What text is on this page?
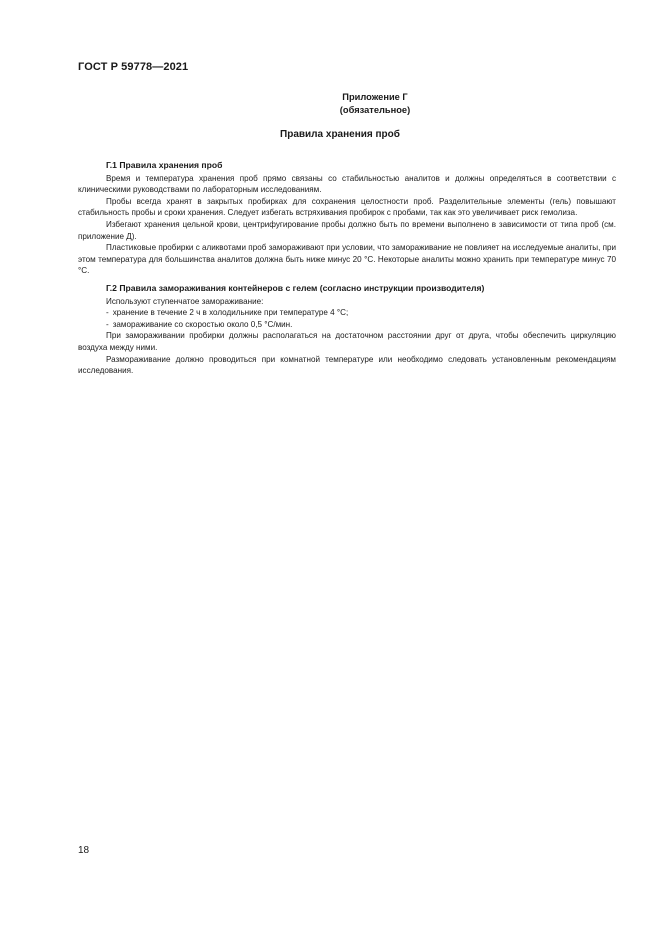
ГОСТ Р 59778—2021
Приложение Г
(обязательное)
Правила хранения проб

Г.1 Правила хранения проб

Время и температура хранения проб прямо связаны со стабильностью аналитов и должны определяться в соответствии с клиническими руководствами по лабораторным исследованиям.

Пробы всегда хранят в закрытых пробирках для сохранения целостности проб. Разделительные элементы (гель) повышают стабильность пробы и сроки хранения. Следует избегать встряхивания пробирок с пробами, так как это увеличивает риск гемолиза.

Избегают хранения цельной крови, центрифугирование пробы должно быть по времени выполнено в зависимости от типа проб (см. приложение Д).

Пластиковые пробирки с аликвотами проб замораживают при условии, что замораживание не повлияет на исследуемые аналиты, при этом температура для большинства аналитов должна быть ниже минус 20 °С. Некоторые аналиты можно хранить при температуре минус 70 °С.

Г.2 Правила замораживания контейнеров с гелем (согласно инструкции производителя)

Используют ступенчатое замораживание:

- хранение в течение 2 ч в холодильнике при температуре 4 °С;

- замораживание со скоростью около 0,5 °С/мин.

При замораживании пробирки должны располагаться на достаточном расстоянии друг от друга, чтобы обеспечить циркуляцию воздуха между ними.

Размораживание должно проводиться при комнатной температуре или необходимо следовать установленным рекомендациям исследования.

18
